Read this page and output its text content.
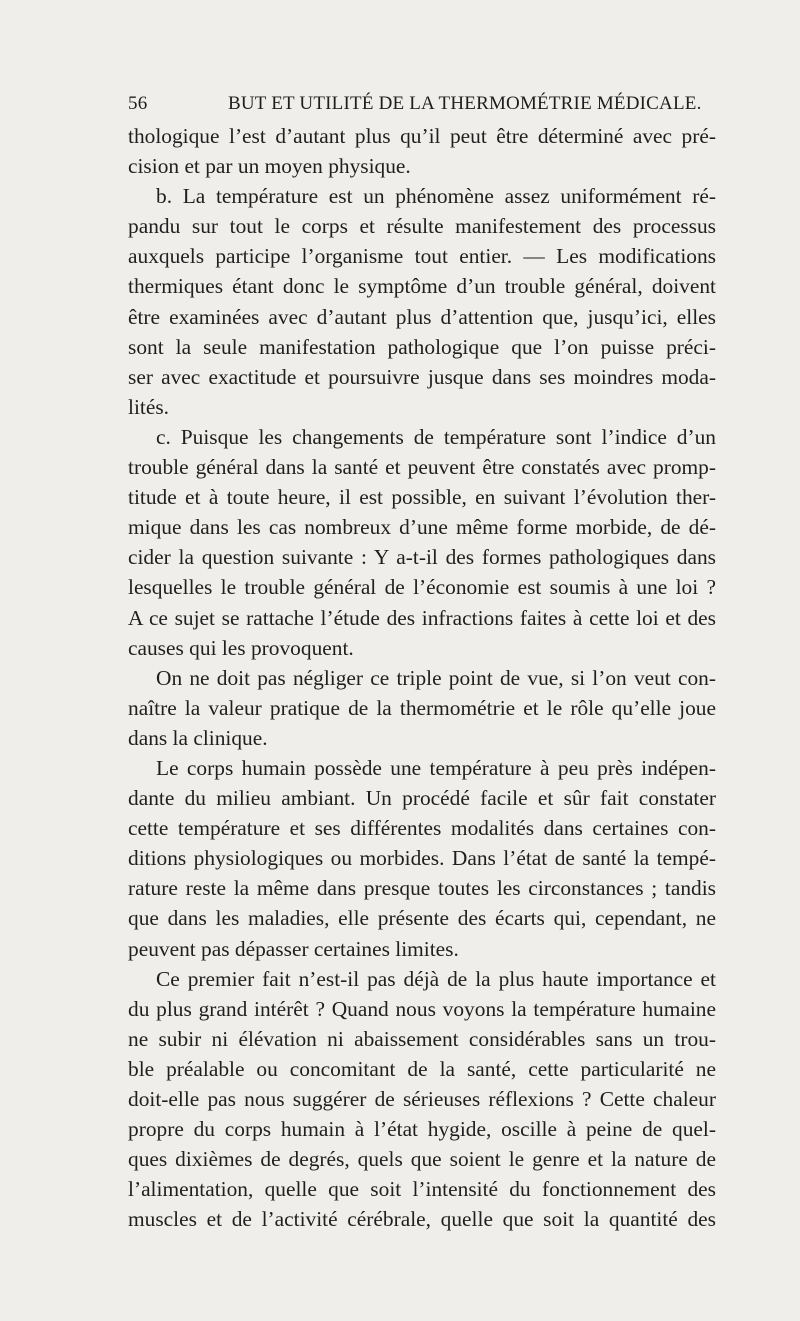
56	BUT ET UTILITÉ DE LA THERMOMÉTRIE MÉDICALE.
thologique l’est d’autant plus qu’il peut être déterminé avec pré-
cision et par un moyen physique.
b. La température est un phénomène assez uniformément ré-
pandu sur tout le corps et résulte manifestement des processus
auxquels participe l’organisme tout entier. — Les modifications
thermiques étant donc le symptôme d’un trouble général, doivent
être examinées avec d’autant plus d’attention que, jusqu’ici, elles
sont la seule manifestation pathologique que l’on puisse préci-
ser avec exactitude et poursuivre jusque dans ses moindres moda-
lités.
c. Puisque les changements de température sont l’indice d’un
trouble général dans la santé et peuvent être constatés avec promp-
titude et à toute heure, il est possible, en suivant l’évolution ther-
mique dans les cas nombreux d’une même forme morbide, de dé-
cider la question suivante : Y a-t-il des formes pathologiques dans
lesquelles le trouble général de l’économie est soumis à une loi ?
A ce sujet se rattache l’étude des infractions faites à cette loi et des
causes qui les provoquent.
On ne doit pas négliger ce triple point de vue, si l’on veut con-
naître la valeur pratique de la thermométrie et le rôle qu’elle joue
dans la clinique.
Le corps humain possède une température à peu près indépen-
dante du milieu ambiant. Un procédé facile et sûr fait constater
cette température et ses différentes modalités dans certaines con-
ditions physiologiques ou morbides. Dans l’état de santé la tempé-
rature reste la même dans presque toutes les circonstances ; tandis
que dans les maladies, elle présente des écarts qui, cependant, ne
peuvent pas dépasser certaines limites.
Ce premier fait n’est-il pas déjà de la plus haute importance et
du plus grand intérêt ? Quand nous voyons la température humaine
ne subir ni élévation ni abaissement considérables sans un trou-
ble préalable ou concomitant de la santé, cette particularité ne
doit-elle pas nous suggérer de sérieuses réflexions ? Cette chaleur
propre du corps humain à l’état hygide, oscille à peine de quel-
ques dixièmes de degrés, quels que soient le genre et la nature de
l’alimentation, quelle que soit l’intensité du fonctionnement des
muscles et de l’activité cérébrale, quelle que soit la quantité des
